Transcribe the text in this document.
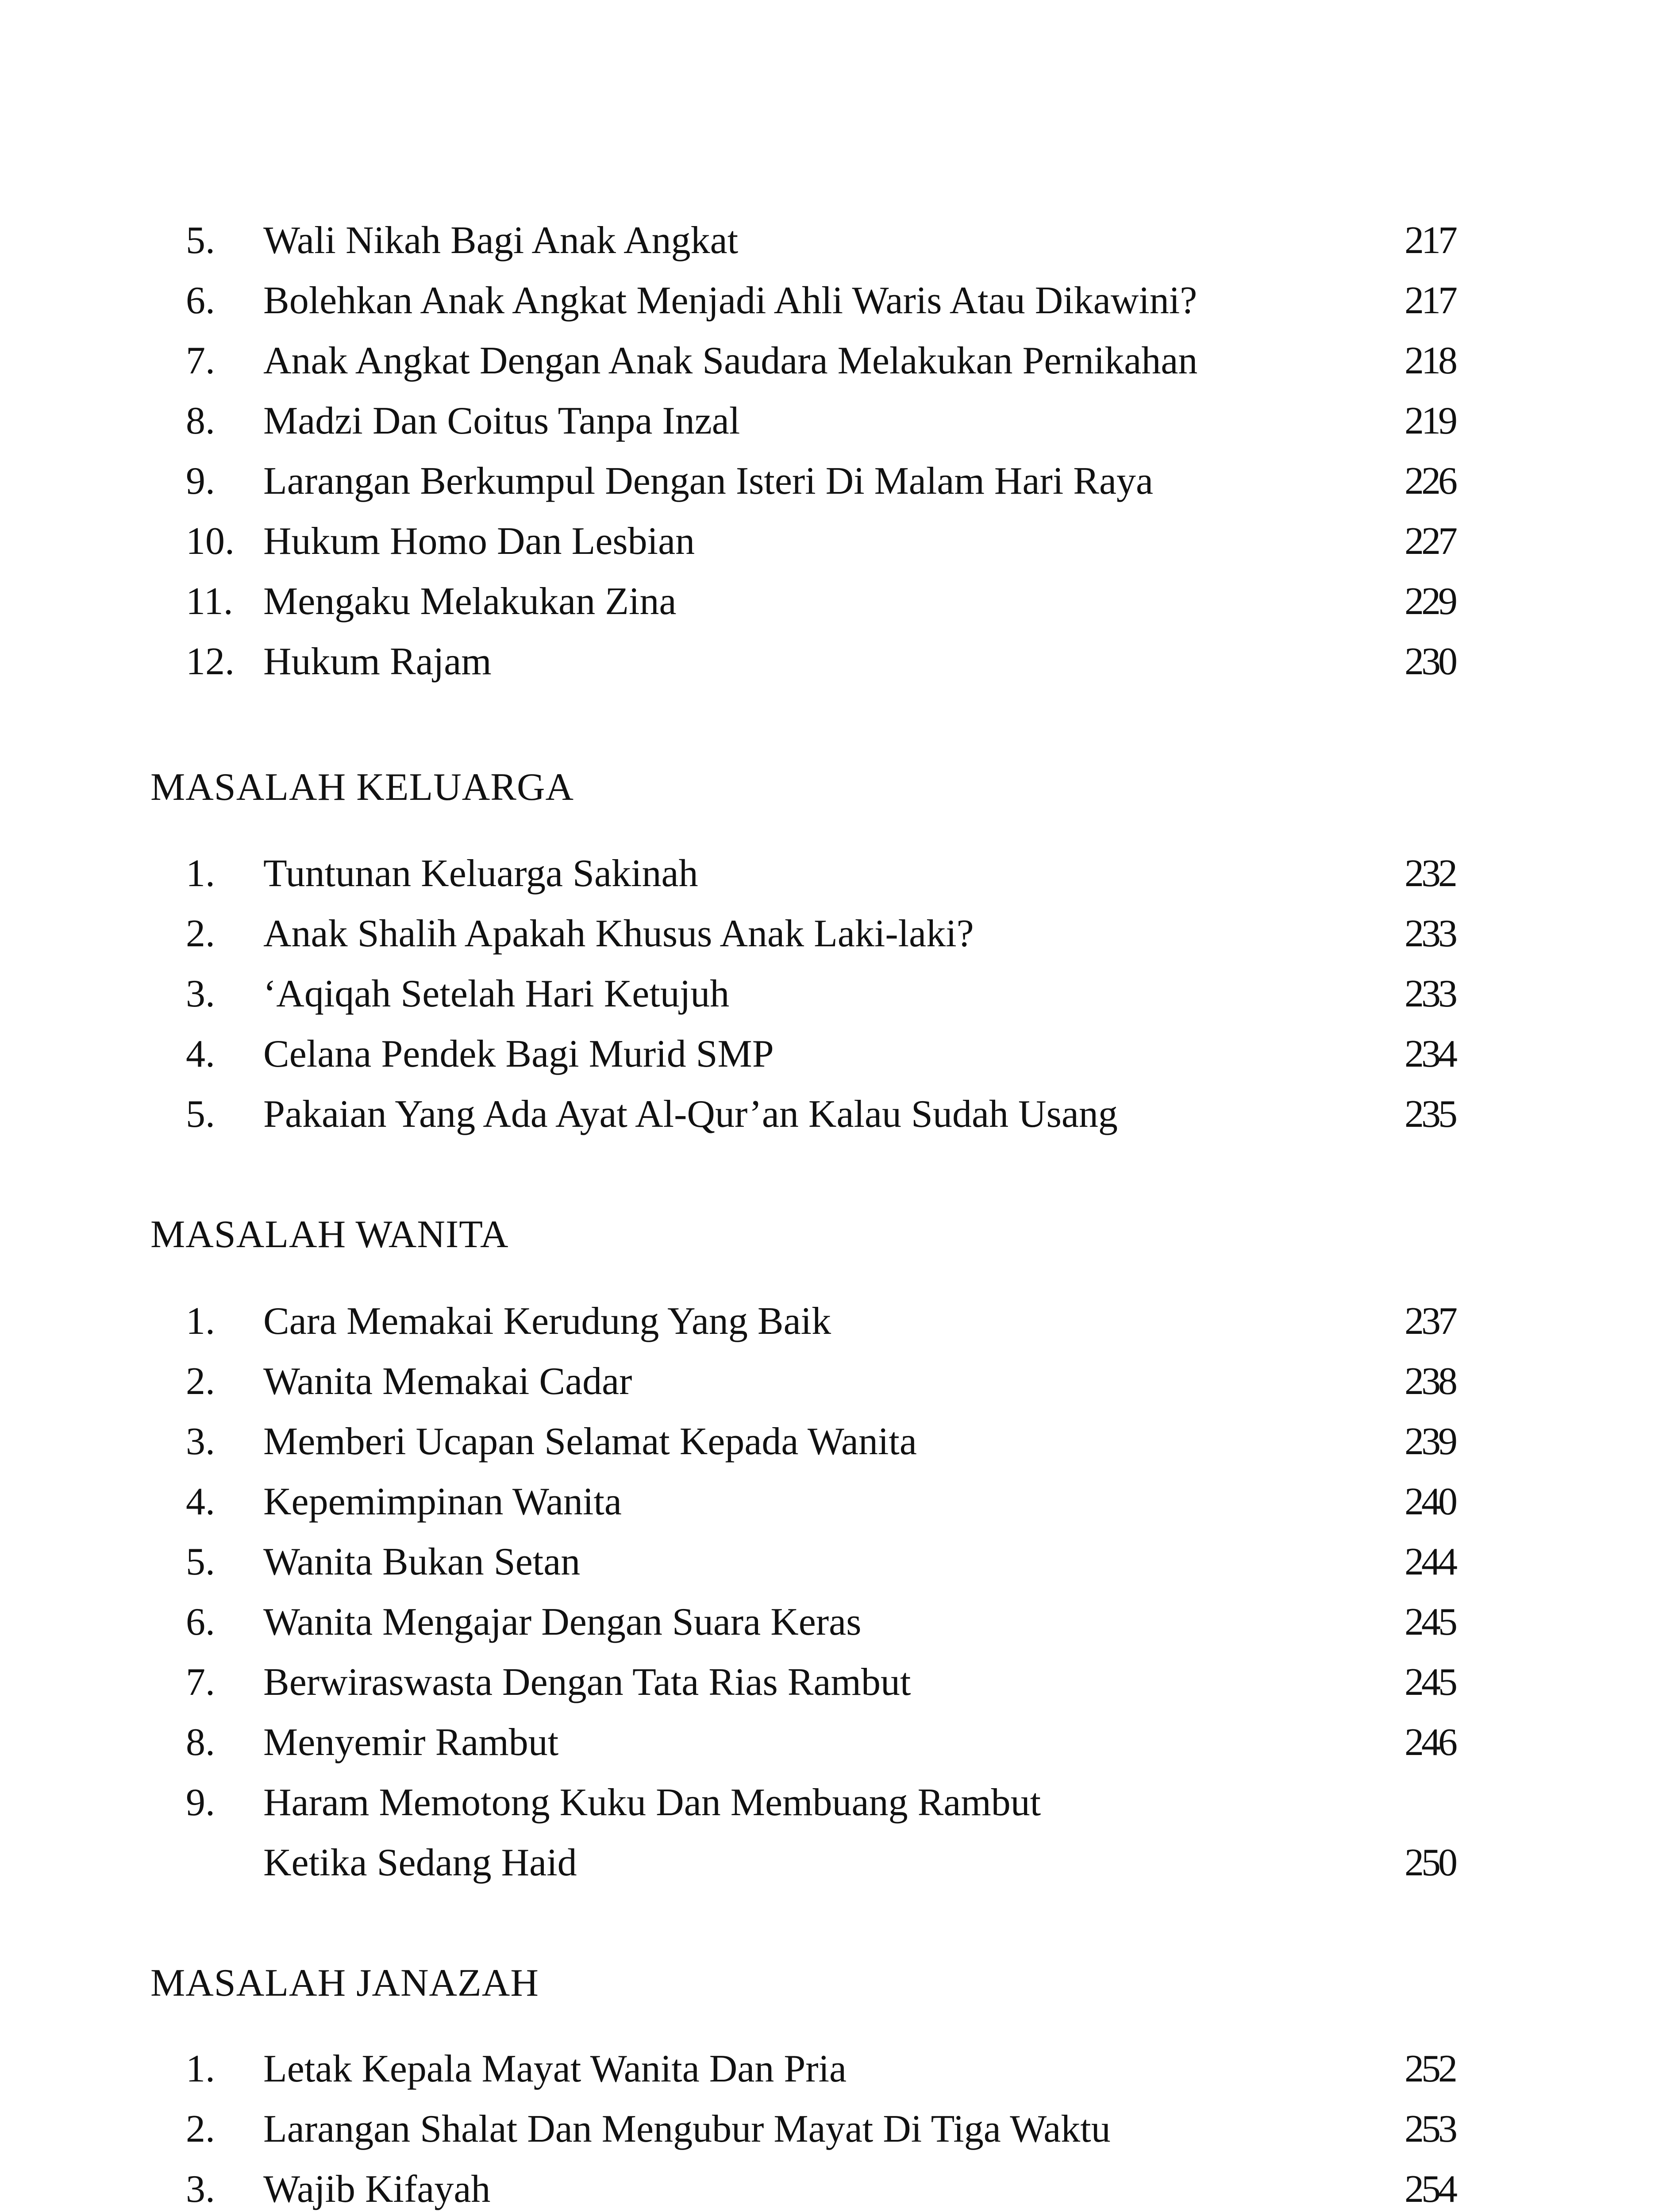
5. Wali Nikah Bagi Anak Angkat	217
6. Bolehkan Anak Angkat Menjadi Ahli Waris Atau Dikawini?	217
7. Anak Angkat Dengan Anak Saudara Melakukan Pernikahan	218
8. Madzi Dan Coitus Tanpa Inzal	219
9. Larangan Berkumpul Dengan Isteri Di Malam Hari Raya	226
10. Hukum Homo Dan Lesbian	227
11. Mengaku Melakukan Zina	229
12. Hukum Rajam	230
MASALAH KELUARGA
1. Tuntunan Keluarga Sakinah	232
2. Anak Shalih Apakah Khusus Anak Laki-laki?	233
3. ‘Aqiqah Setelah Hari Ketujuh	233
4. Celana Pendek Bagi Murid SMP	234
5. Pakaian Yang Ada Ayat Al-Qur’an Kalau Sudah Usang	235
MASALAH WANITA
1. Cara Memakai Kerudung Yang Baik	237
2. Wanita Memakai Cadar	238
3. Memberi Ucapan Selamat Kepada Wanita	239
4. Kepemimpinan Wanita	240
5. Wanita Bukan Setan	244
6. Wanita Mengajar Dengan Suara Keras	245
7. Berwiraswasta Dengan Tata Rias Rambut	245
8. Menyemir Rambut	246
9. Haram Memotong Kuku Dan Membuang Rambut
Ketika Sedang Haid	250
MASALAH JANAZAH
1. Letak Kepala Mayat Wanita Dan Pria	252
2. Larangan Shalat Dan Mengubur Mayat Di Tiga Waktu	253
3. Wajib Kifayah	254
